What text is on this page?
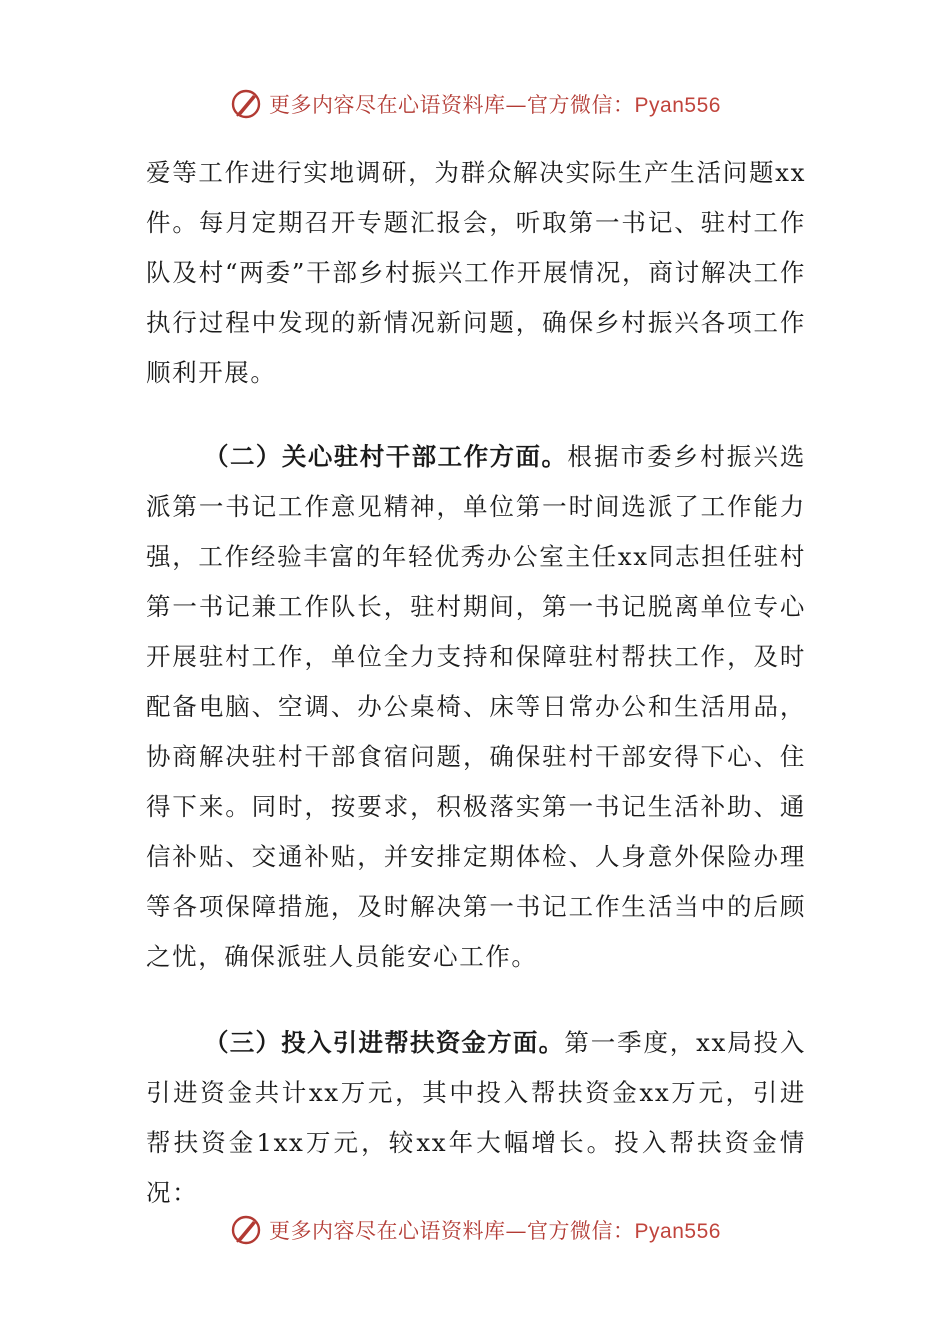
更多内容尽在心语资料库—官方微信：Pyan556

爱等工作进行实地调研，为群众解决实际生产生活问题xx件。每月定期召开专题汇报会，听取第一书记、驻村工作队及村“两委”干部乡村振兴工作开展情况，商讨解决工作执行过程中发现的新情况新问题，确保乡村振兴各项工作顺利开展。

（二）关心驻村干部工作方面。根据市委乡村振兴选派第一书记工作意见精神，单位第一时间选派了工作能力强，工作经验丰富的年轻优秀办公室主任xx同志担任驻村第一书记兼工作队长，驻村期间，第一书记脱离单位专心开展驻村工作，单位全力支持和保障驻村帮扶工作，及时配备电脑、空调、办公桌椅、床等日常办公和生活用品，协商解决驻村干部食宿问题，确保驻村干部安得下心、住得下来。同时，按要求，积极落实第一书记生活补助、通信补贴、交通补贴，并安排定期体检、人身意外保险办理等各项保障措施，及时解决第一书记工作生活当中的后顾之忧，确保派驻人员能安心工作。

（三）投入引进帮扶资金方面。第一季度，xx局投入引进资金共计xx万元，其中投入帮扶资金xx万元，引进帮扶资金1xx万元，较xx年大幅增长。投入帮扶资金情况：

更多内容尽在心语资料库—官方微信：Pyan556
